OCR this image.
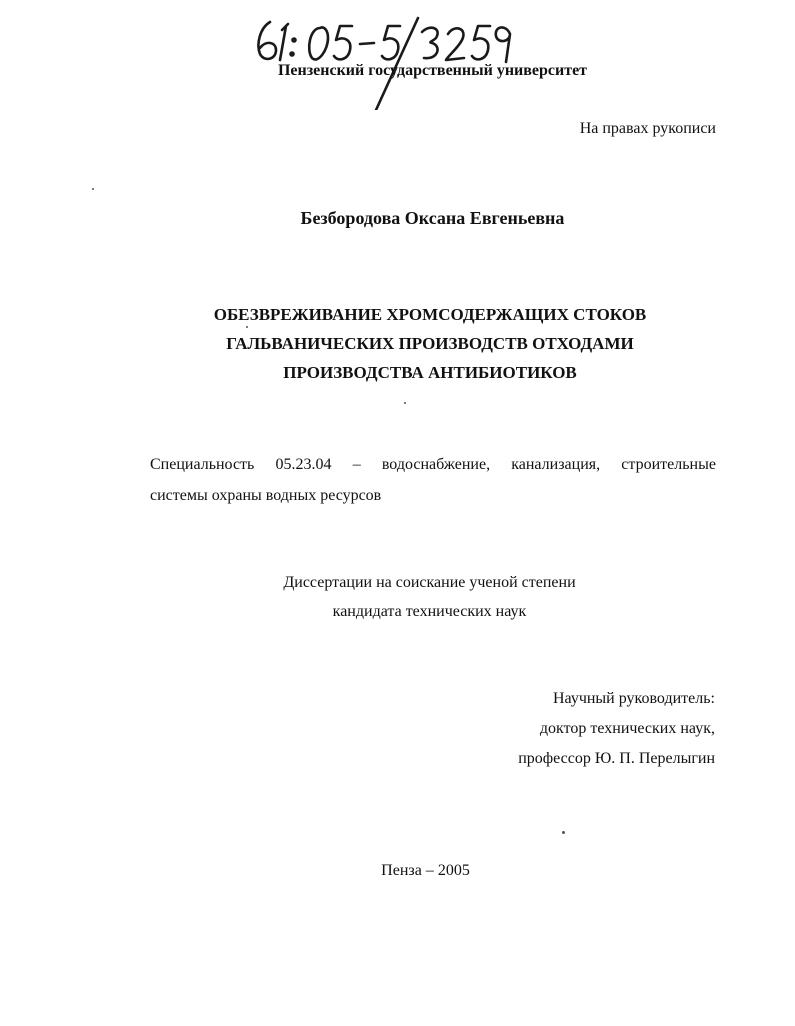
Пензенский государственный университет
На правах рукописи
Безбородова Оксана Евгеньевна
ОБЕЗВРЕЖИВАНИЕ ХРОМСОДЕРЖАЩИХ СТОКОВ
ГАЛЬВАНИЧЕСКИХ ПРОИЗВОДСТВ ОТХОДАМИ
ПРОИЗВОДСТВА АНТИБИОТИКОВ
Специальность 05.23.04 – водоснабжение, канализация, строительные
системы охраны водных ресурсов
Диссертации на соискание ученой степени
кандидата технических наук
Научный руководитель:
доктор технических наук,
профессор Ю. П. Перелыгин
Пенза – 2005
